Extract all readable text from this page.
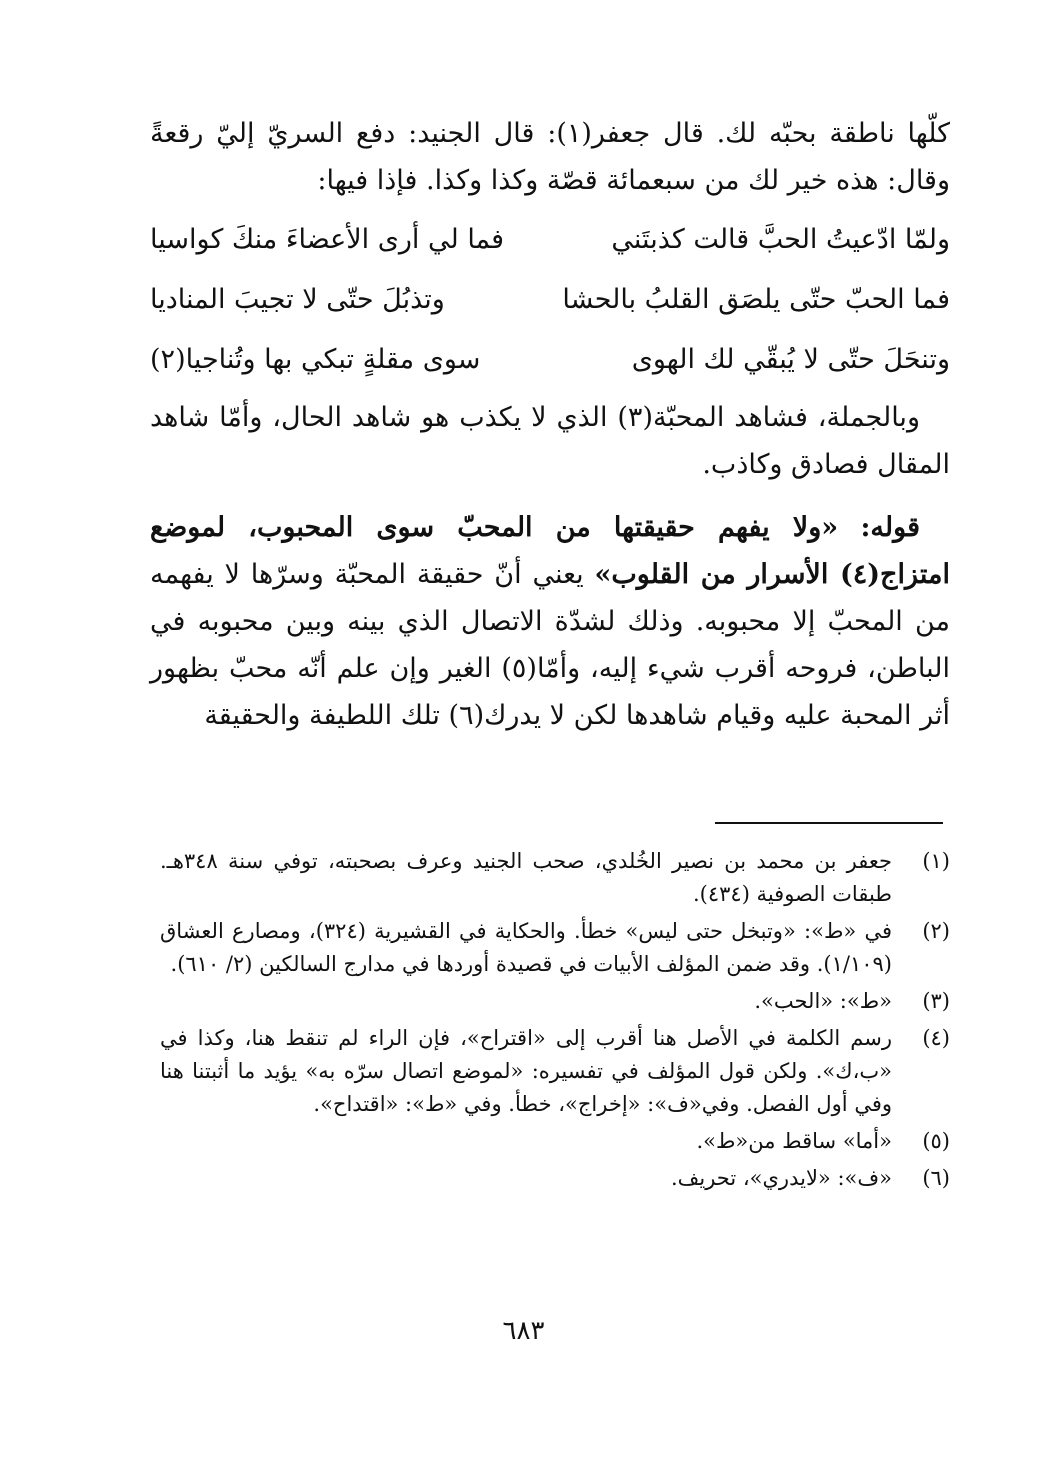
كلّها ناطقة بحبّه لك. قال جعفر(١): قال الجنيد: دفع السريّ إليّ رقعةً وقال: هذه خير لك من سبعمائة قصّة وكذا وكذا. فإذا فيها:

ولمّا ادّعيتُ الحبَّ قالت كذبتَني
فما لي أرى الأعضاءَ منكَ كواسيا
فما الحبّ حتّى يلصَق القلبُ بالحشا
وتذبُلَ حتّى لا تجيبَ المناديا
وتنحَلَ حتّى لا يُبقّي لك الهوى
سوى مقلةٍ تبكي بها وتُناجيا(٢)

وبالجملة، فشاهد المحبّة(٣) الذي لا يكذب هو شاهد الحال، وأمّا شاهد المقال فصادق وكاذب.

قوله: «ولا يفهم حقيقتها من المحبّ سوى المحبوب، لموضع امتزاج(٤) الأسرار من القلوب» يعني أنّ حقيقة المحبّة وسرّها لا يفهمه من المحبّ إلا محبوبه. وذلك لشدّة الاتصال الذي بينه وبين محبوبه في الباطن، فروحه أقرب شيء إليه، وأمّا(٥) الغير وإن علم أنّه محبّ بظهور أثر المحبة عليه وقيام شاهدها لكن لا يدرك(٦) تلك اللطيفة والحقيقة

(١)
جعفر بن محمد بن نصير الخُلدي، صحب الجنيد وعرف بصحبته، توفي سنة ٣٤٨هـ. طبقات الصوفية (٤٣٤).
(٢)
في «ط»: «وتبخل حتى ليس» خطأ. والحكاية في القشيرية (٣٢٤)، ومصارع العشاق (١/١٠٩). وقد ضمن المؤلف الأبيات في قصيدة أوردها في مدارج السالكين (٢/ ٦١٠).
(٣)
«ط»: «الحب».
(٤)
رسم الكلمة في الأصل هنا أقرب إلى «اقتراح»، فإن الراء لم تنقط هنا، وكذا في «ب،ك». ولكن قول المؤلف في تفسيره: «لموضع اتصال سرّه به» يؤيد ما أثبتنا هنا وفي أول الفصل. وفي«ف»: «إخراج»، خطأ. وفي «ط»: «اقتداح».
(٥)
«أما» ساقط من«ط».
(٦)
«ف»: «لايدري»، تحريف.
٦٨٣
